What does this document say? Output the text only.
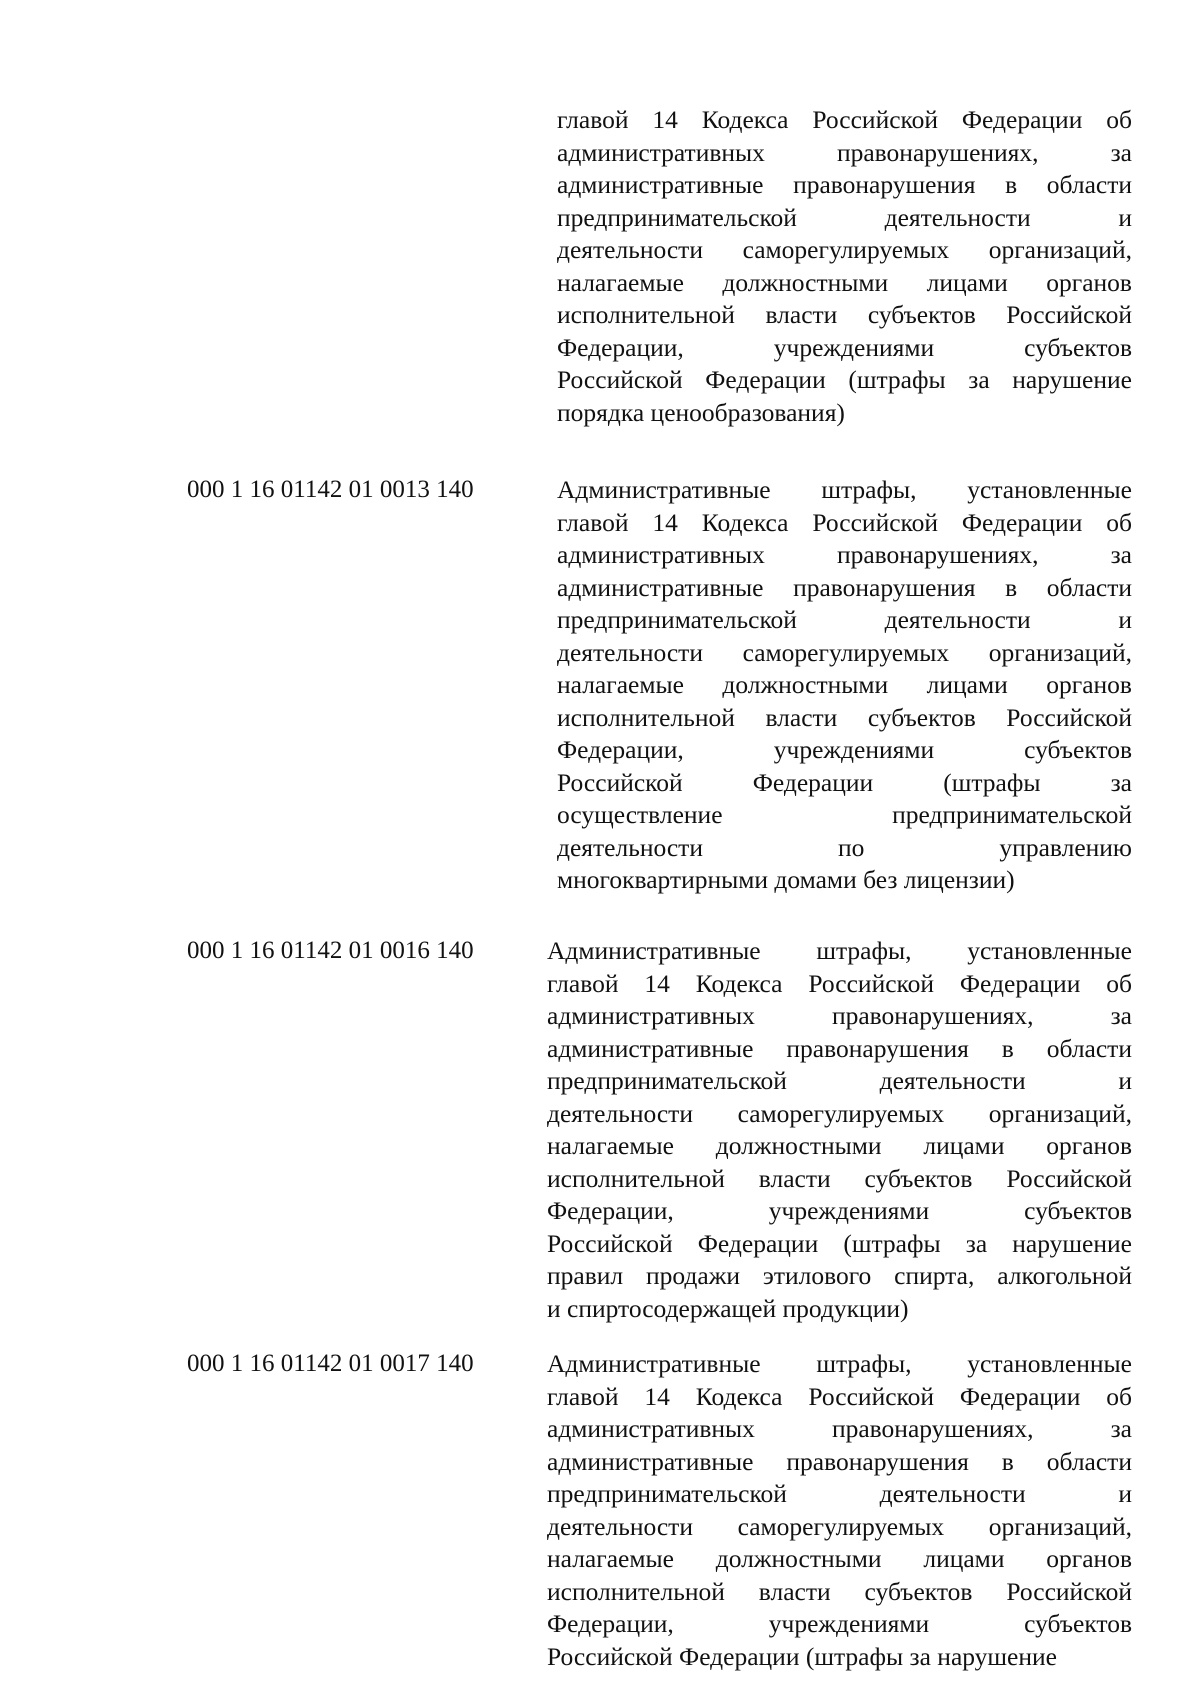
главой 14 Кодекса Российской Федерации об
административных	правонарушениях,	за
административные правонарушения в области
предпринимательской	деятельности	и
деятельности саморегулируемых организаций,
налагаемые должностными лицами органов
исполнительной власти субъектов Российской
Федерации,	учреждениями	субъектов
Российской Федерации (штрафы за нарушение
порядка ценообразования)
000 1 16 01142 01 0013 140	Административные штрафы, установленные
главой 14 Кодекса Российской Федерации об
административных	правонарушениях,	за
административные правонарушения в области
предпринимательской	деятельности	и
деятельности саморегулируемых организаций,
налагаемые должностными лицами органов
исполнительной власти субъектов Российской
Федерации,	учреждениями	субъектов
Российской	Федерации	(штрафы	за
осуществление	предпринимательской
деятельности	по	управлению
многоквартирными домами без лицензии)
000 1 16 01142 01 0016 140	Административные штрафы, установленные
главой 14 Кодекса Российской Федерации об
административных	правонарушениях,	за
административные правонарушения в области
предпринимательской	деятельности	и
деятельности саморегулируемых организаций,
налагаемые должностными лицами органов
исполнительной власти субъектов Российской
Федерации,	учреждениями	субъектов
Российской Федерации (штрафы за нарушение
правил продажи этилового спирта, алкогольной
и спиртосодержащей продукции)
000 1 16 01142 01 0017 140	Административные штрафы, установленные
главой 14 Кодекса Российской Федерации об
административных	правонарушениях,	за
административные правонарушения в области
предпринимательской	деятельности	и
деятельности саморегулируемых организаций,
налагаемые должностными лицами органов
исполнительной власти субъектов Российской
Федерации,	учреждениями	субъектов
Российской Федерации (штрафы за нарушение
